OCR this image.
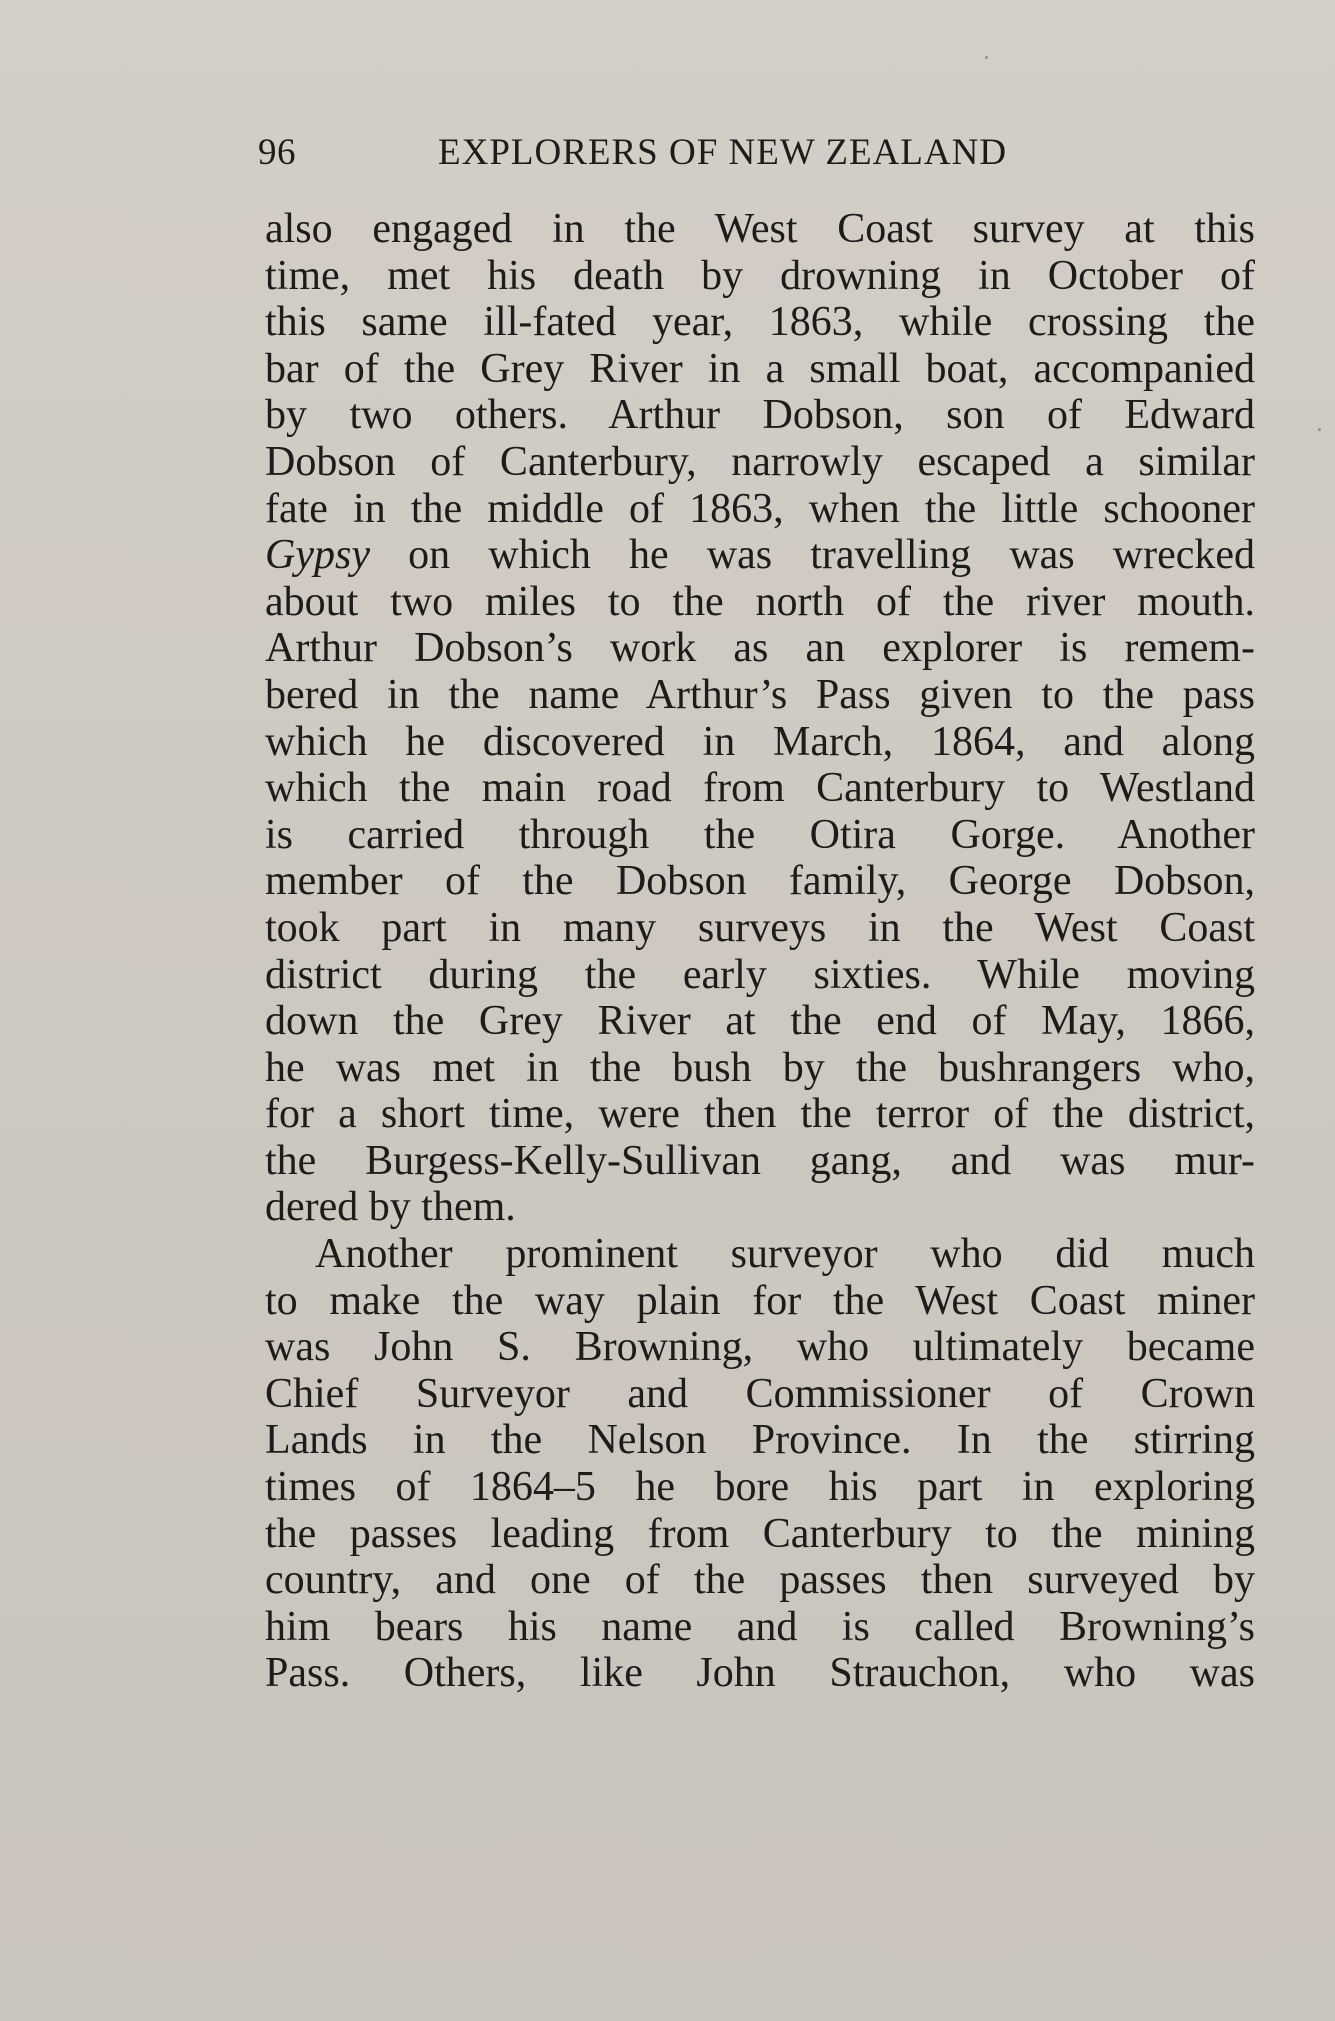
96	EXPLORERS OF NEW ZEALAND
also engaged in the West Coast survey at this
time, met his death by drowning in October of
this same ill-fated year, 1863, while crossing the
bar of the Grey River in a small boat, accompanied
by two others. Arthur Dobson, son of Edward
Dobson of Canterbury, narrowly escaped a similar
fate in the middle of 1863, when the little schooner
Gypsy on which he was travelling was wrecked
about two miles to the north of the river mouth.
Arthur Dobson’s work as an explorer is remem-
bered in the name Arthur’s Pass given to the pass
which he discovered in March, 1864, and along
which the main road from Canterbury to Westland
is carried through the Otira Gorge. Another
member of the Dobson family, George Dobson,
took part in many surveys in the West Coast
district during the early sixties. While moving
down the Grey River at the end of May, 1866,
he was met in the bush by the bushrangers who,
for a short time, were then the terror of the district,
the Burgess-Kelly-Sullivan gang, and was mur-
dered by them.
Another prominent surveyor who did much
to make the way plain for the West Coast miner
was John S. Browning, who ultimately became
Chief Surveyor and Commissioner of Crown
Lands in the Nelson Province. In the stirring
times of 1864–5 he bore his part in exploring
the passes leading from Canterbury to the mining
country, and one of the passes then surveyed by
him bears his name and is called Browning’s
Pass. Others, like John Strauchon, who was
